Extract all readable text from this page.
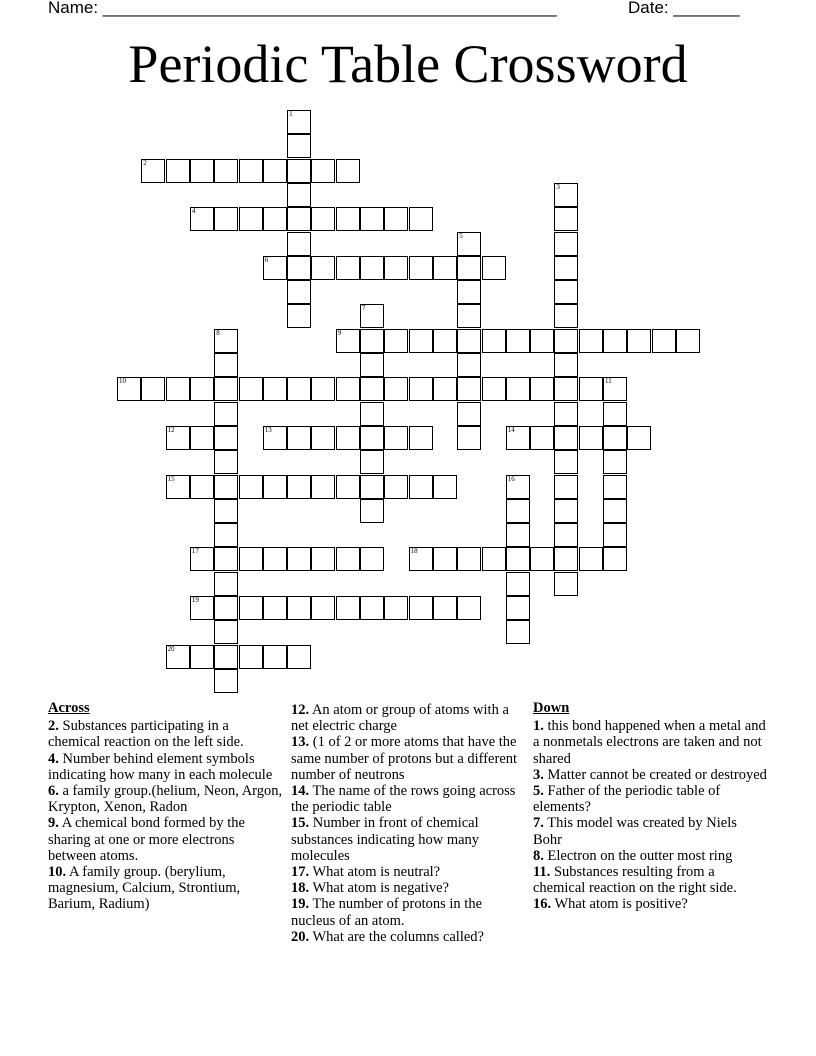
Name: ________________________________________________

	Date: _______

Periodic Table Crossword
1
2
3
4
5
6
7
8	9
10	11
12	13	14
15	16
17	18
19
20
Across
2. Substances participating in a chemical reaction on the left side.
4. Number behind element symbols indicating how many in each molecule
6. a family group.(helium, Neon, Argon, Krypton, Xenon, Radon
9. A chemical bond formed by the sharing at one or more electrons between atoms.
10. A family group. (berylium, magnesium, Calcium, Strontium, Barium, Radium)
12. An atom or group of atoms with a net electric charge
13. (1 of 2 or more atoms that have the same number of protons but a different number of neutrons
14. The name of the rows going across the periodic table
15. Number in front of chemical substances indicating how many molecules
17. What atom is neutral?
18. What atom is negative?
19. The number of protons in the nucleus of an atom.
20. What are the columns called?
Down
1. this bond happened when a metal and a nonmetals electrons are taken and not shared
3. Matter cannot be created or destroyed
5. Father of the periodic table of elements?
7. This model was created by Niels Bohr
8. Electron on the outter most ring
11. Substances resulting from a chemical reaction on the right side.
16. What atom is positive?
